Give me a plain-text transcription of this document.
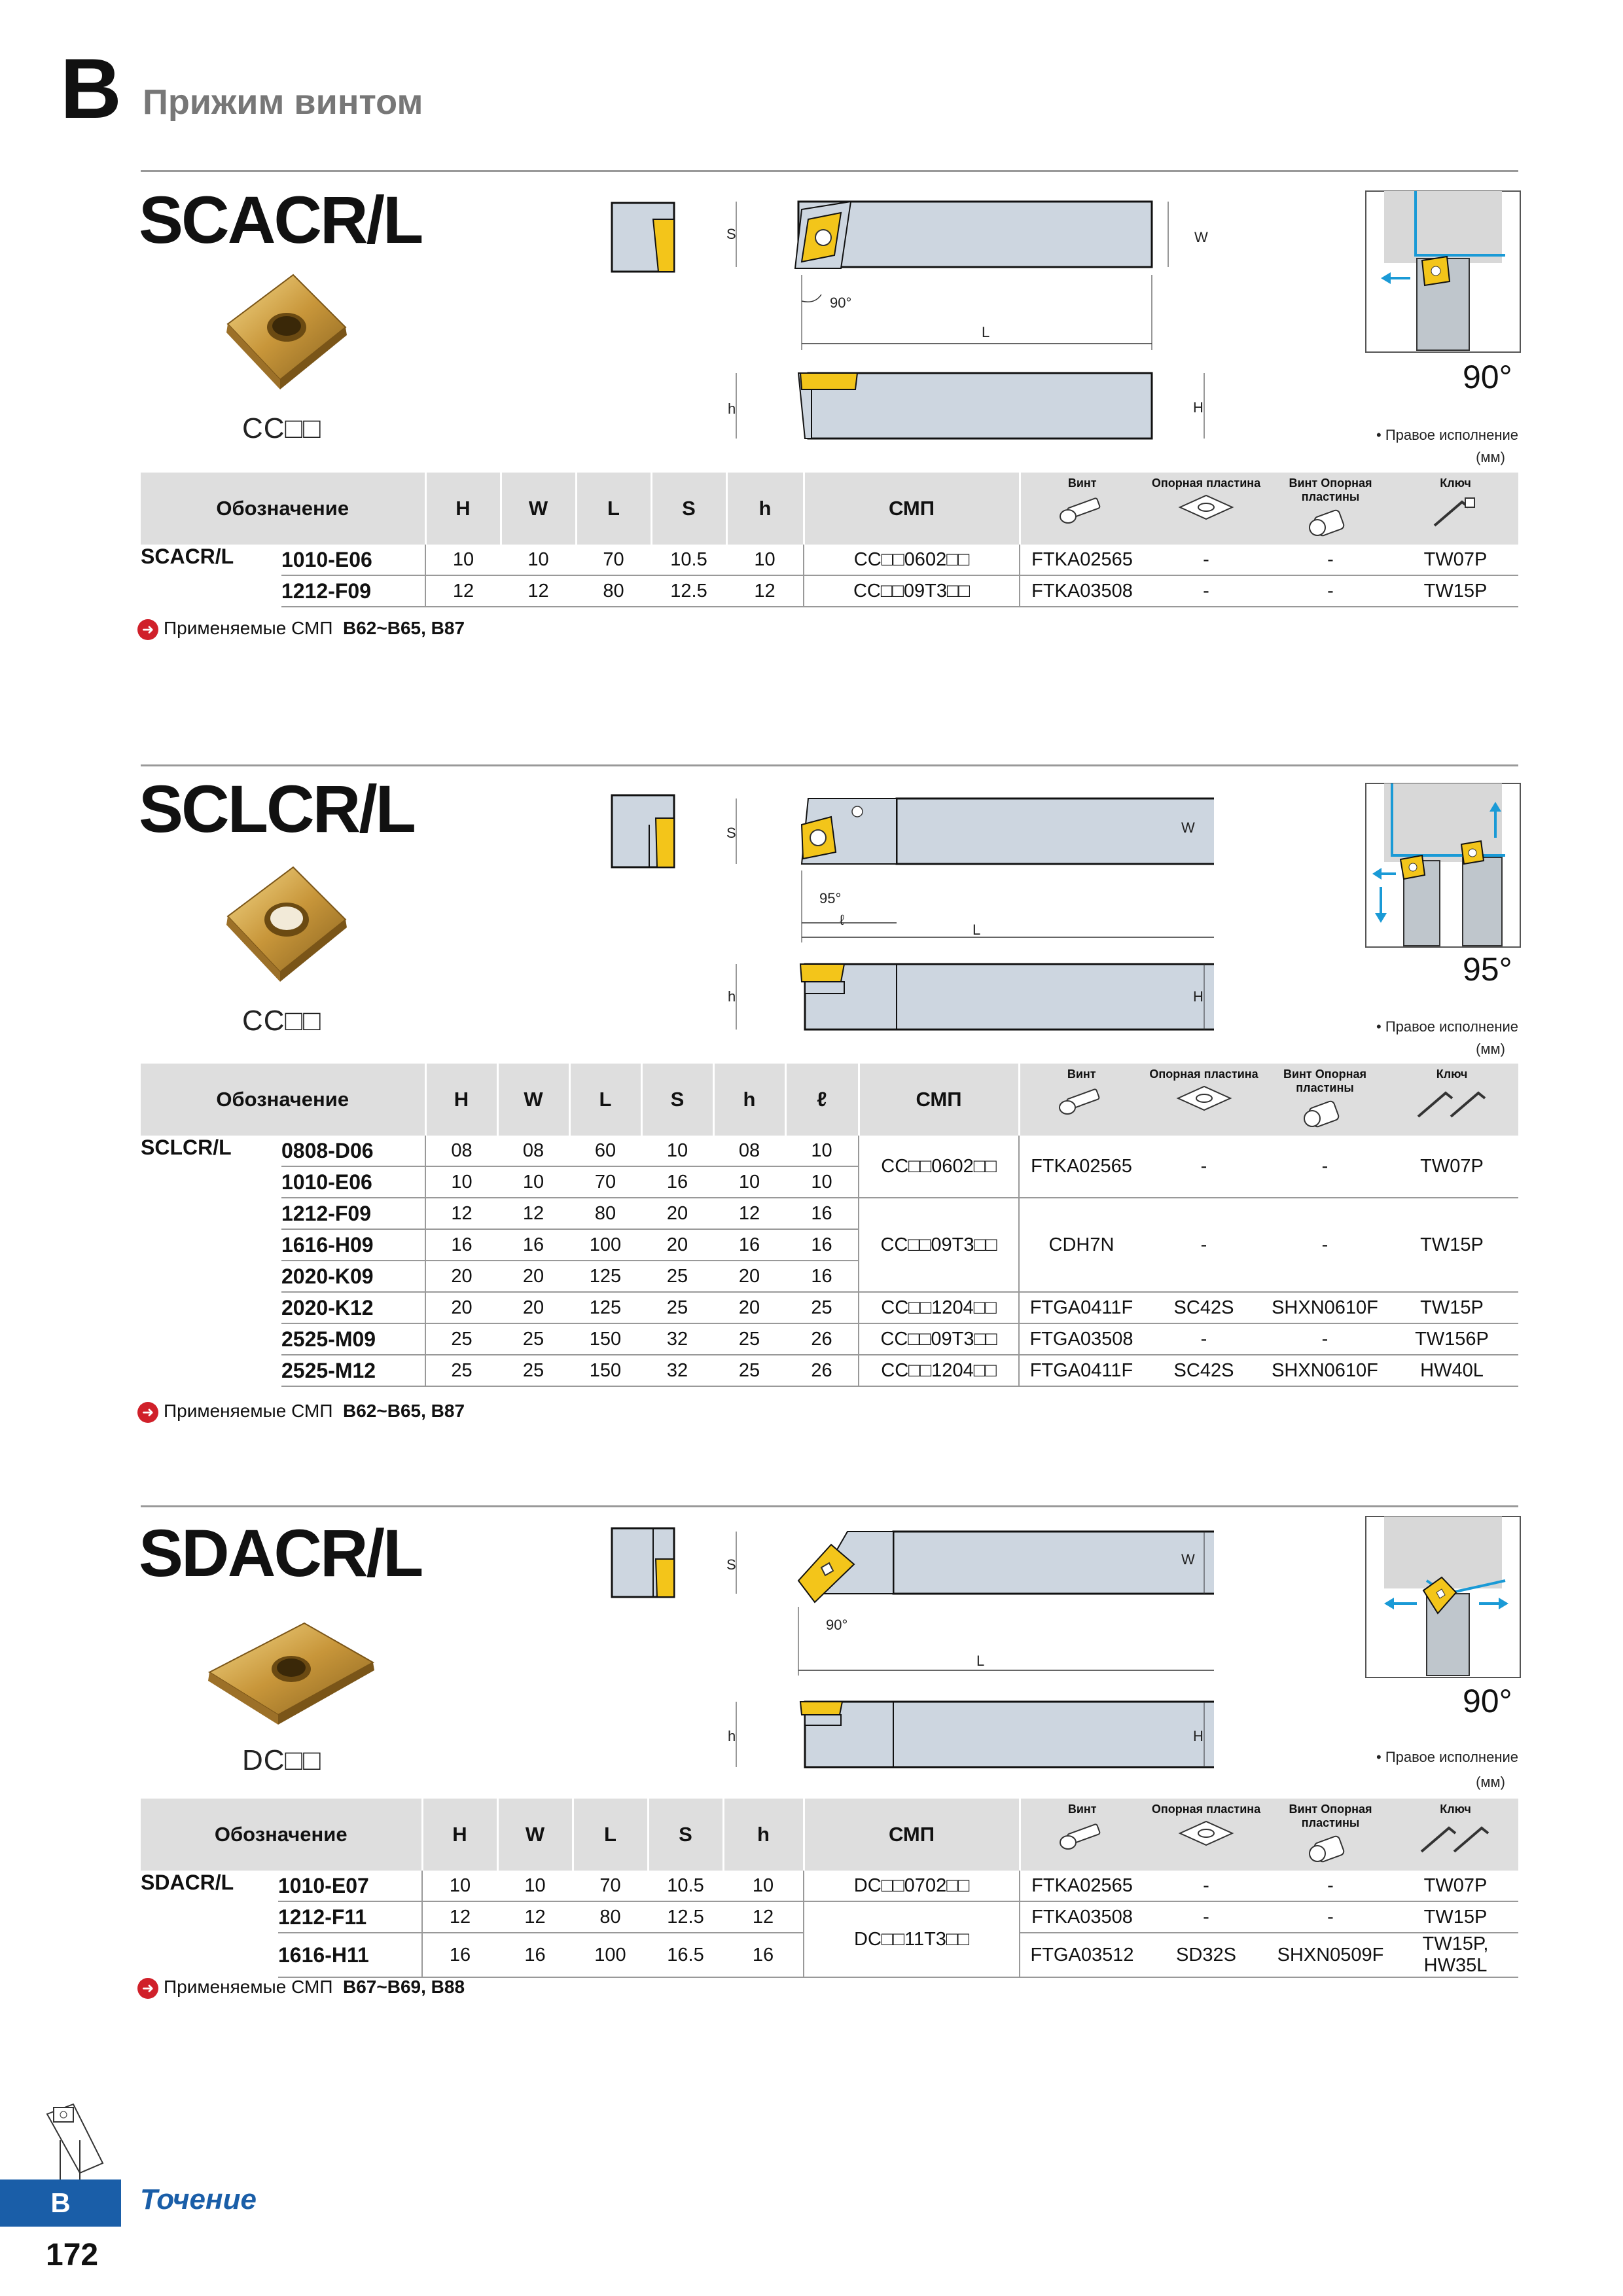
B Прижим винтом
SCACR/L
CC□□
S	W
90°
L
h	H
90°
• Правое исполнение
(мм)
Обозначение		H	W	L	S	h	СМП	Винт	Опорная пластина	Винт Опорная пластины	Ключ

SCACR/L	1010-E06	10	10	70	10.5	10	CC□□0602□□	FTKA02565	-	-	TW07P
	1212-F09	12	12	80	12.5	12	CC□□09T3□□	FTKA03508	-	-	TW15P
➜ Применяемые СМП B62~B65, B87
SCLCR/L
CC□□
S	W
95°
ℓ
L
h	H
95°
• Правое исполнение
(мм)
Обозначение		H	W	L	S	h	ℓ	СМП	Винт	Опорная пластина	Винт Опорная пластины	Ключ

SCLCR/L	0808-D06	08	08	60	10	08	10	CC□□0602□□	FTKA02565	-	-	TW07P
	1010-E06	10	10	70	16	10	10					
	1212-F09	12	12	80	20	12	16	CC□□09T3□□	CDH7N	-	-	TW15P
	1616-H09	16	16	100	20	16	16					
	2020-K09	20	20	125	25	20	16					
	2020-K12	20	20	125	25	20	25	CC□□1204□□	FTGA0411F	SC42S	SHXN0610F	TW15P
	2525-M09	25	25	150	32	25	26	CC□□09T3□□	FTGA03508	-	-	TW156P
	2525-M12	25	25	150	32	25	26	CC□□1204□□	FTGA0411F	SC42S	SHXN0610F	HW40L
➜ Применяемые СМП B62~B65, B87
SDACR/L
DC□□
S	W
90°
L
h	H
90°
• Правое исполнение
(мм)
Обозначение		H	W	L	S	h	СМП	Винт	Опорная пластина	Винт Опорная пластины	Ключ

SDACR/L	1010-E07	10	10	70	10.5	10	DC□□0702□□	FTKA02565	-	-	TW07P
	1212-F11	12	12	80	12.5	12	DC□□11T3□□	FTKA03508	-	-	TW15P
	1616-H11	16	16	100	16.5	16		FTGA03512	SD32S	SHXN0509F	TW15P, HW35L
➜ Применяемые СМП B67~B69, B88
B	Точение
172
